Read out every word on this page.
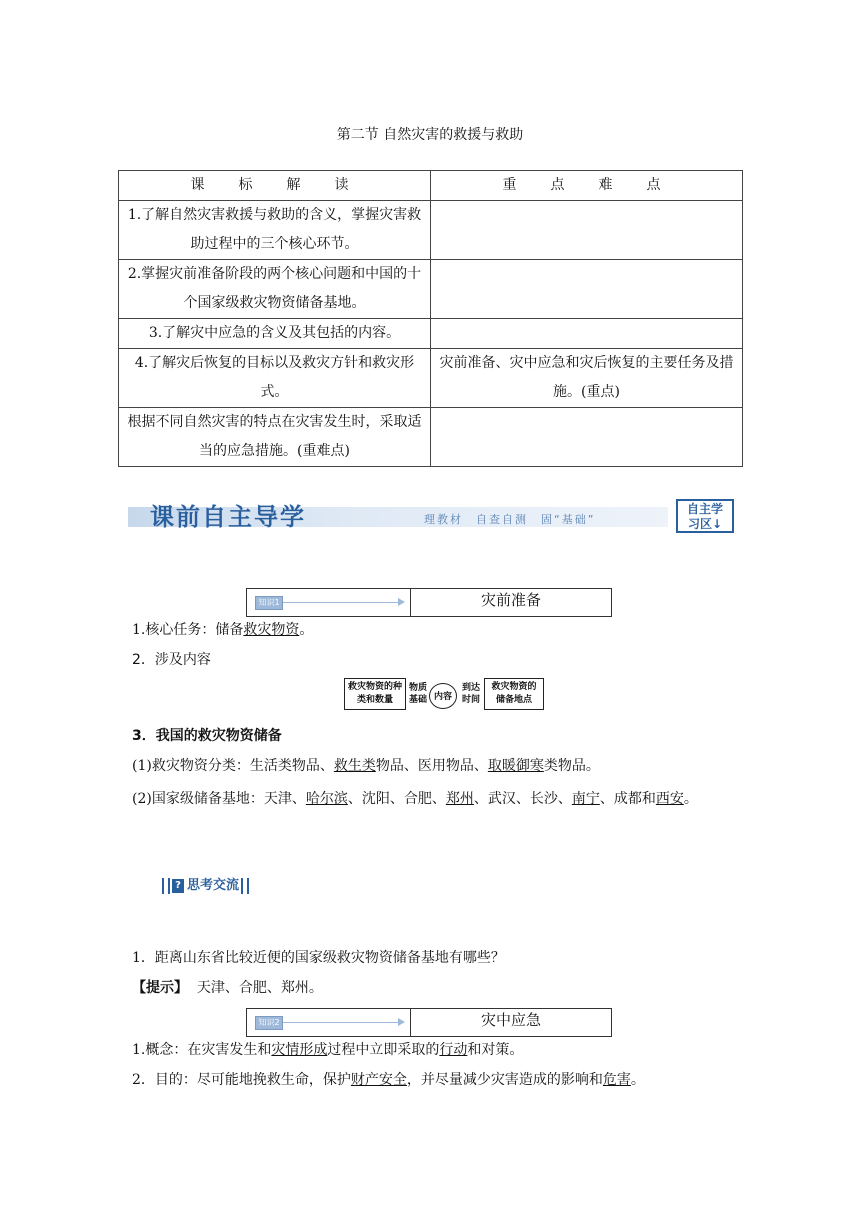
第二节 自然灾害的救援与救助
课　标　解　读	重　点　难　点
1.了解自然灾害救援与救助的含义，掌握灾害救助过程中的三个核心环节。	
2.掌握灾前准备阶段的两个核心问题和中国的十个国家级救灾物资储备基地。	
3.了解灾中应急的含义及其包括的内容。	
4.了解灾后恢复的目标以及救灾方针和救灾形式。	灾前准备、灾中应急和灾后恢复的主要任务及措施。(重点)
根据不同自然灾害的特点在灾害发生时，采取适当的应急措施。(重难点)	
课前自主导学	理教材　自查自测　固“基础”
自主学
习区↓
知识1	灾前准备
1.核心任务：储备救灾物资。
2．涉及内容
救灾物资的种类和数量
物质基础 内容
到达时间
救灾物资的储备地点
3．我国的救灾物资储备
(1)救灾物资分类：生活类物品、救生类物品、医用物品、取暖御寒类物品。
(2)国家级储备基地：天津、哈尔滨、沈阳、合肥、郑州、武汉、长沙、南宁、成都和西安。
? 思考交流
1．距离山东省比较近便的国家级救灾物资储备基地有哪些？
【提示】 天津、合肥、郑州。
知识2	灾中应急
1.概念：在灾害发生和灾情形成过程中立即采取的行动和对策。
2．目的：尽可能地挽救生命，保护财产安全，并尽量减少灾害造成的影响和危害。
